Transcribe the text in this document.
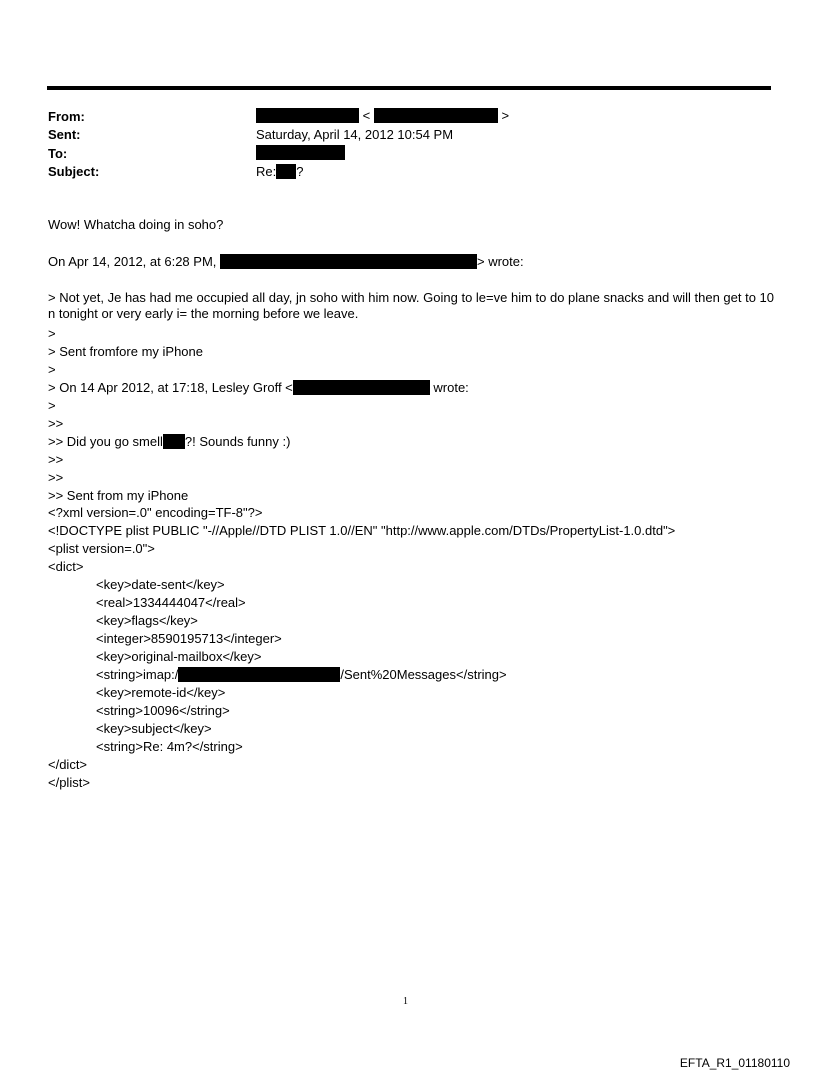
From:	<	>
Sent:	Saturday, April 14, 2012 10:54 PM
To:
Subject:	Re: ?
Wow! Whatcha doing in soho?
On Apr 14, 2012, at 6:28 PM,	> wrote:
> Not yet, Je has had me occupied all day, jn soho with him now. Going to le=ve him to do plane snacks and will then get to 10 n tonight or very early i= the morning before we leave.
>
> Sent fromfore my iPhone
>
> On 14 Apr 2012, at 17:18, Lesley Groff <	wrote:
>
>>
>> Did you go smell ?! Sounds funny :)
>>
>>
>> Sent from my iPhone
<?xml version=.0" encoding=TF-8"?>
<!DOCTYPE plist PUBLIC "-//Apple//DTD PLIST 1.0//EN" "http://www.apple.com/DTDs/PropertyList-1.0.dtd">
<plist version=.0">
<dict>
<key>date-sent</key>
<real>1334444047</real>
<key>flags</key>
<integer>8590195713</integer>
<key>original-mailbox</key>
<string>imap:/	/Sent%20Messages</string>
<key>remote-id</key>
<string>10096</string>
<key>subject</key>
<string>Re: 4m?</string>
</dict>
</plist>
1
EFTA_R1_01180110
